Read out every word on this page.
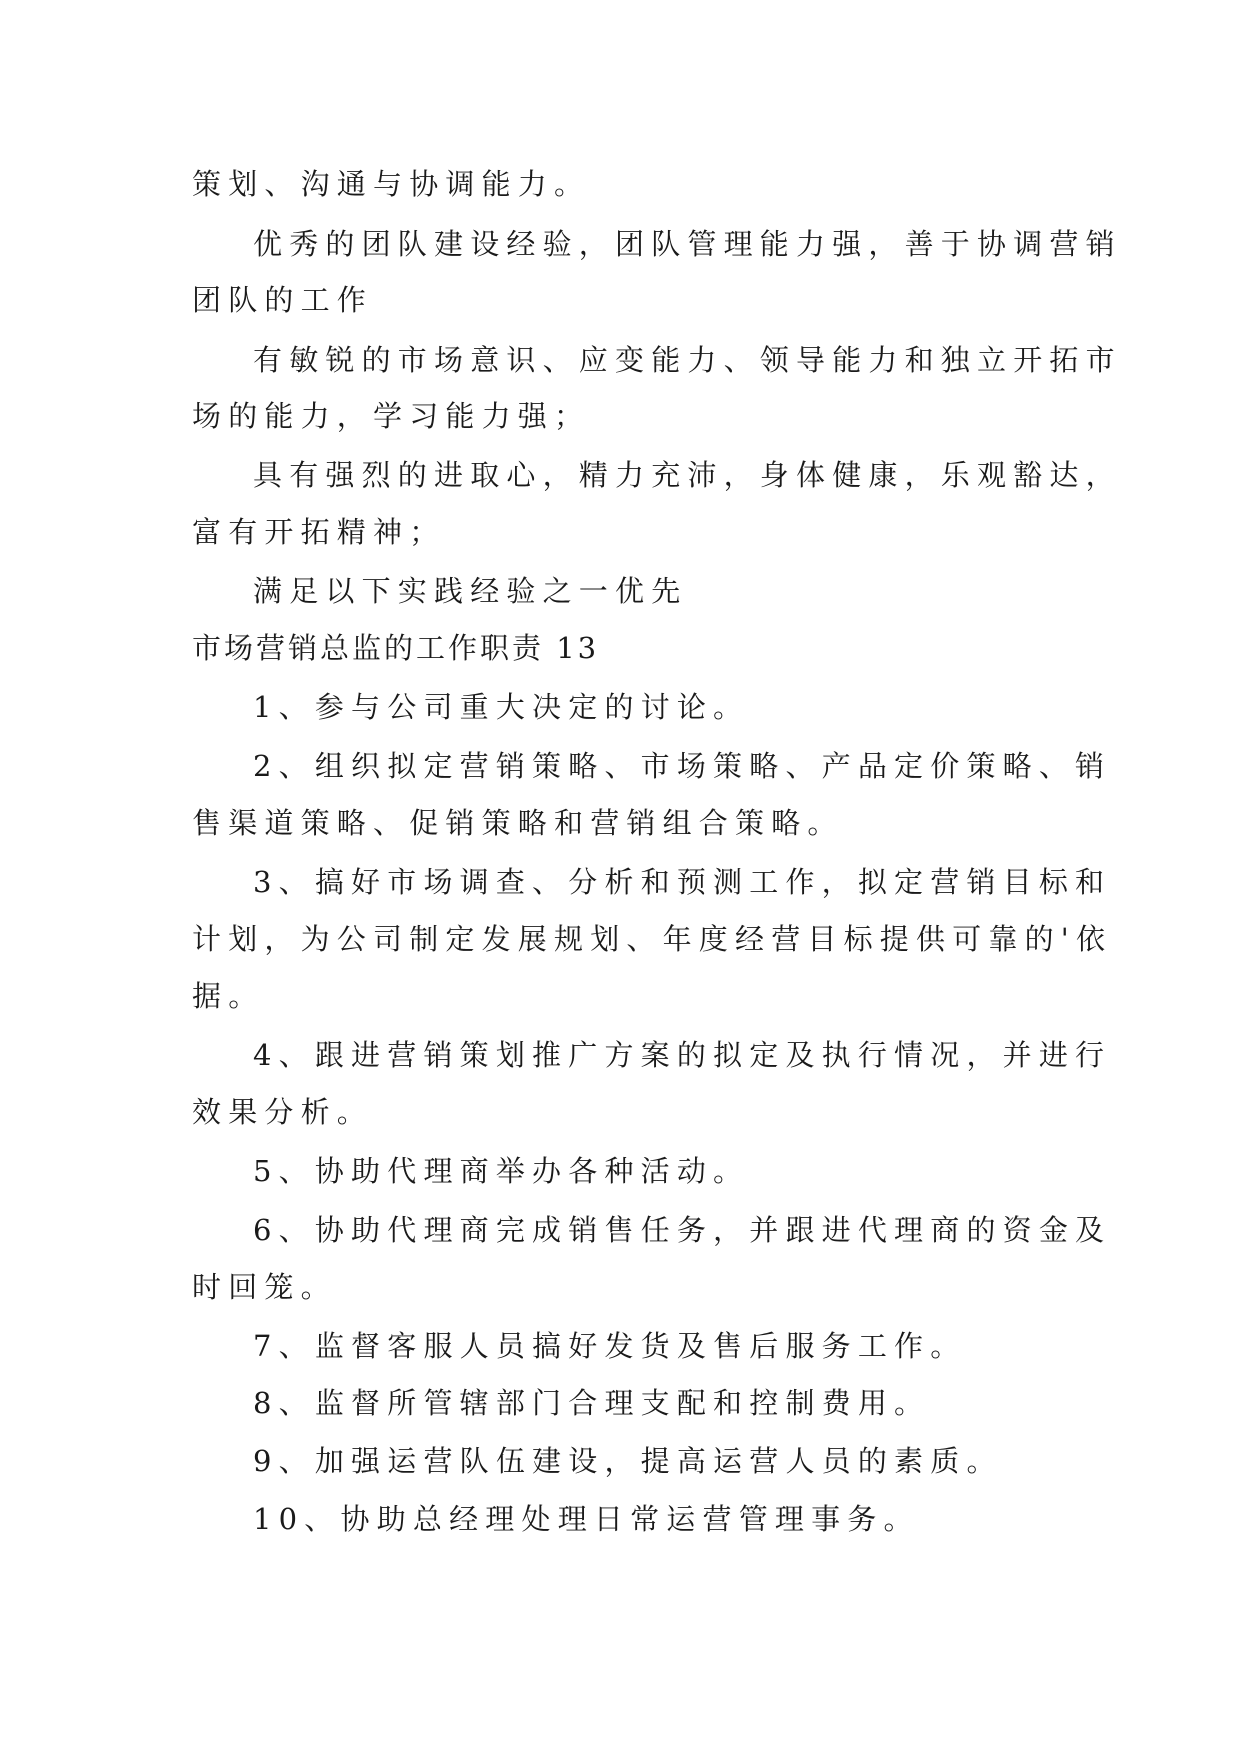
策划、沟通与协调能力。
优秀的团队建设经验，团队管理能力强，善于协调营销
团队的工作
有敏锐的市场意识、应变能力、领导能力和独立开拓市
场的能力，学习能力强；
具有强烈的进取心，精力充沛，身体健康，乐观豁达，
富有开拓精神；
满足以下实践经验之一优先
市场营销总监的工作职责 13
1、参与公司重大决定的讨论。
2、组织拟定营销策略、市场策略、产品定价策略、销
售渠道策略、促销策略和营销组合策略。
3、搞好市场调查、分析和预测工作，拟定营销目标和
计划，为公司制定发展规划、年度经营目标提供可靠的'依
据。
4、跟进营销策划推广方案的拟定及执行情况，并进行
效果分析。
5、协助代理商举办各种活动。
6、协助代理商完成销售任务，并跟进代理商的资金及
时回笼。
7、监督客服人员搞好发货及售后服务工作。
8、监督所管辖部门合理支配和控制费用。
9、加强运营队伍建设，提高运营人员的素质。
10、协助总经理处理日常运营管理事务。
